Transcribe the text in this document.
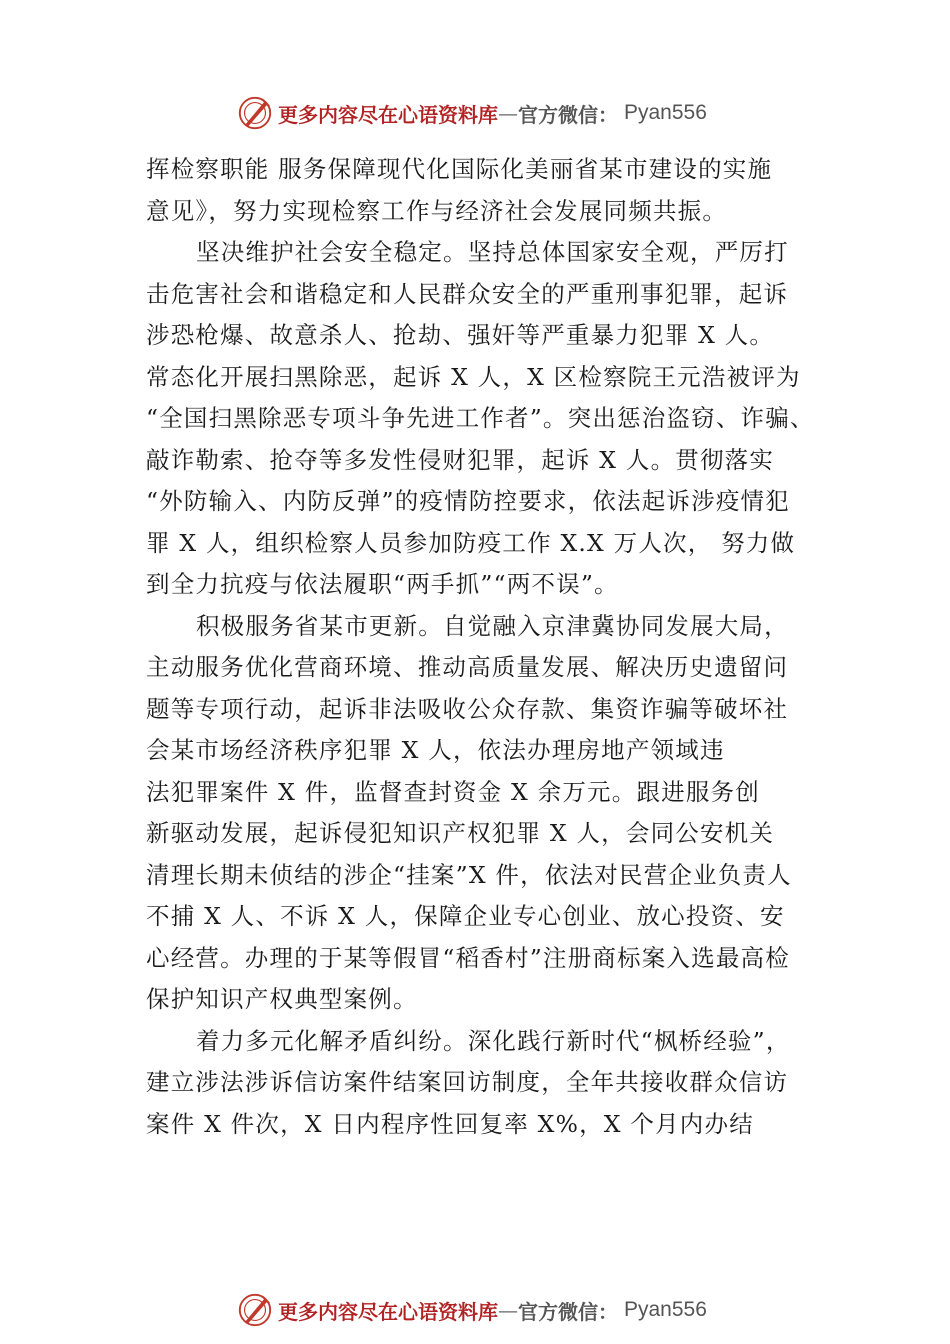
更多内容尽在心语资料库 — 官方微信： Pyan556
挥检察职能 服务保障现代化国际化美丽省某市建设的实施
意见》，努力实现检察工作与经济社会发展同频共振。
坚决维护社会安全稳定。坚持总体国家安全观，严厉打
击危害社会和谐稳定和人民群众安全的严重刑事犯罪，起诉
涉恐枪爆、故意杀人、抢劫、强奸等严重暴力犯罪 X 人。
常态化开展扫黑除恶，起诉 X 人，X 区检察院王元浩被评为
“全国扫黑除恶专项斗争先进工作者”。突出惩治盗窃、诈骗、
敲诈勒索、抢夺等多发性侵财犯罪，起诉 X 人。贯彻落实
“外防输入、内防反弹”的疫情防控要求，依法起诉涉疫情犯
罪 X 人，组织检察人员参加防疫工作 X.X 万人次， 努力做
到全力抗疫与依法履职“两手抓”“两不误”。
积极服务省某市更新。自觉融入京津冀协同发展大局，
主动服务优化营商环境、推动高质量发展、解决历史遗留问
题等专项行动，起诉非法吸收公众存款、集资诈骗等破坏社
会某市场经济秩序犯罪 X 人，依法办理房地产领域违
法犯罪案件 X 件，监督查封资金 X 余万元。跟进服务创
新驱动发展，起诉侵犯知识产权犯罪 X 人，会同公安机关
清理长期未侦结的涉企“挂案”X 件，依法对民营企业负责人
不捕 X 人、不诉 X 人，保障企业专心创业、放心投资、安
心经营。办理的于某等假冒“稻香村”注册商标案入选最高检
保护知识产权典型案例。
着力多元化解矛盾纠纷。深化践行新时代“枫桥经验”，
建立涉法涉诉信访案件结案回访制度，全年共接收群众信访
案件 X 件次，X 日内程序性回复率 X%，X 个月内办结
更多内容尽在心语资料库 — 官方微信： Pyan556
